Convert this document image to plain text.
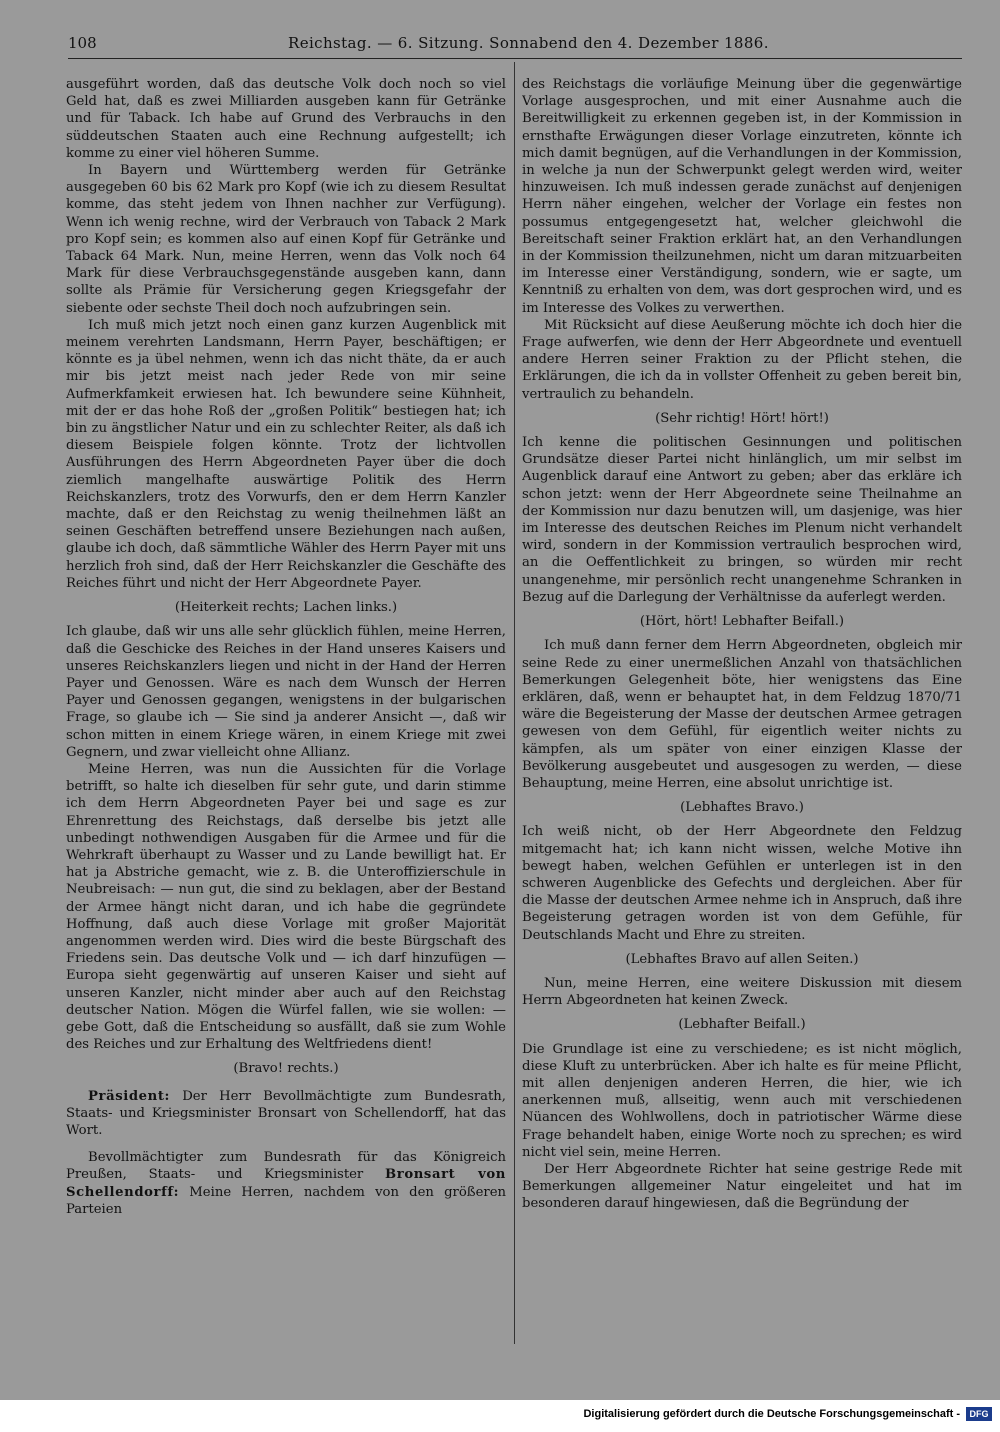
108	Reichstag. — 6. Sitzung. Sonnabend den 4. Dezember 1886.

ausgeführt worden, daß das deutsche Volk doch noch so viel Geld hat, daß es zwei Milliarden ausgeben kann für Getränke und für Taback. Ich habe auf Grund des Verbrauchs in den süddeutschen Staaten auch eine Rechnung aufgestellt; ich komme zu einer viel höheren Summe.

In Bayern und Württemberg werden für Getränke ausgegeben 60 bis 62 Mark pro Kopf (wie ich zu diesem Resultat komme, das steht jedem von Ihnen nachher zur Verfügung). Wenn ich wenig rechne, wird der Verbrauch von Taback 2 Mark pro Kopf sein; es kommen also auf einen Kopf für Getränke und Taback 64 Mark. Nun, meine Herren, wenn das Volk noch 64 Mark für diese Verbrauchsgegenstände ausgeben kann, dann sollte als Prämie für Versicherung gegen Kriegsgefahr der siebente oder sechste Theil doch noch aufzubringen sein.

Ich muß mich jetzt noch einen ganz kurzen Augenblick mit meinem verehrten Landsmann, Herrn Payer, beschäftigen; er könnte es ja übel nehmen, wenn ich das nicht thäte, da er auch mir bis jetzt meist nach jeder Rede von mir seine Aufmerkfamkeit erwiesen hat. Ich bewundere seine Kühnheit, mit der er das hohe Roß der „großen Politik“ bestiegen hat; ich bin zu ängstlicher Natur und ein zu schlechter Reiter, als daß ich diesem Beispiele folgen könnte. Trotz der lichtvollen Ausführungen des Herrn Abgeordneten Payer über die doch ziemlich mangelhafte auswärtige Politik des Herrn Reichskanzlers, trotz des Vorwurfs, den er dem Herrn Kanzler machte, daß er den Reichstag zu wenig theilnehmen läßt an seinen Geschäften betreffend unsere Beziehungen nach außen, glaube ich doch, daß sämmtliche Wähler des Herrn Payer mit uns herzlich froh sind, daß der Herr Reichskanzler die Geschäfte des Reiches führt und nicht der Herr Abgeordnete Payer.

(Heiterkeit rechts; Lachen links.)

Ich glaube, daß wir uns alle sehr glücklich fühlen, meine Herren, daß die Geschicke des Reiches in der Hand unseres Kaisers und unseres Reichskanzlers liegen und nicht in der Hand der Herren Payer und Genossen. Wäre es nach dem Wunsch der Herren Payer und Genossen gegangen, wenigstens in der bulgarischen Frage, so glaube ich — Sie sind ja anderer Ansicht —, daß wir schon mitten in einem Kriege wären, in einem Kriege mit zwei Gegnern, und zwar vielleicht ohne Allianz.

Meine Herren, was nun die Aussichten für die Vorlage betrifft, so halte ich dieselben für sehr gute, und darin stimme ich dem Herrn Abgeordneten Payer bei und sage es zur Ehrenrettung des Reichstags, daß derselbe bis jetzt alle unbedingt nothwendigen Ausgaben für die Armee und für die Wehrkraft überhaupt zu Wasser und zu Lande bewilligt hat. Er hat ja Abstriche gemacht, wie z. B. die Unteroffizierschule in Neubreisach: — nun gut, die sind zu beklagen, aber der Bestand der Armee hängt nicht daran, und ich habe die gegründete Hoffnung, daß auch diese Vorlage mit großer Majorität angenommen werden wird. Dies wird die beste Bürgschaft des Friedens sein. Das deutsche Volk und — ich darf hinzufügen — Europa sieht gegenwärtig auf unseren Kaiser und sieht auf unseren Kanzler, nicht minder aber auch auf den Reichstag deutscher Nation. Mögen die Würfel fallen, wie sie wollen: — gebe Gott, daß die Entscheidung so ausfällt, daß sie zum Wohle des Reiches und zur Erhaltung des Weltfriedens dient!

(Bravo! rechts.)

Präsident: Der Herr Bevollmächtigte zum Bundesrath, Staats- und Kriegsminister Bronsart von Schellendorff, hat das Wort.

Bevollmächtigter zum Bundesrath für das Königreich Preußen, Staats- und Kriegsminister Bronsart von Schellendorff: Meine Herren, nachdem von den größeren Parteien

des Reichstags die vorläufige Meinung über die gegenwärtige Vorlage ausgesprochen, und mit einer Ausnahme auch die Bereitwilligkeit zu erkennen gegeben ist, in der Kommission in ernsthafte Erwägungen dieser Vorlage einzutreten, könnte ich mich damit begnügen, auf die Verhandlungen in der Kommission, in welche ja nun der Schwerpunkt gelegt werden wird, weiter hinzuweisen. Ich muß indessen gerade zunächst auf denjenigen Herrn näher eingehen, welcher der Vorlage ein festes non possumus entgegengesetzt hat, welcher gleichwohl die Bereitschaft seiner Fraktion erklärt hat, an den Verhandlungen in der Kommission theilzunehmen, nicht um daran mitzuarbeiten im Interesse einer Verständigung, sondern, wie er sagte, um Kenntniß zu erhalten von dem, was dort gesprochen wird, und es im Interesse des Volkes zu verwerthen.

Mit Rücksicht auf diese Aeußerung möchte ich doch hier die Frage aufwerfen, wie denn der Herr Abgeordnete und eventuell andere Herren seiner Fraktion zu der Pflicht stehen, die Erklärungen, die ich da in vollster Offenheit zu geben bereit bin, vertraulich zu behandeln.

(Sehr richtig! Hört! hört!)

Ich kenne die politischen Gesinnungen und politischen Grundsätze dieser Partei nicht hinlänglich, um mir selbst im Augenblick darauf eine Antwort zu geben; aber das erkläre ich schon jetzt: wenn der Herr Abgeordnete seine Theilnahme an der Kommission nur dazu benutzen will, um dasjenige, was hier im Interesse des deutschen Reiches im Plenum nicht verhandelt wird, sondern in der Kommission vertraulich besprochen wird, an die Oeffentlichkeit zu bringen, so würden mir recht unangenehme, mir persönlich recht unangenehme Schranken in Bezug auf die Darlegung der Verhältnisse da auferlegt werden.

(Hört, hört! Lebhafter Beifall.)

Ich muß dann ferner dem Herrn Abgeordneten, obgleich mir seine Rede zu einer unermeßlichen Anzahl von thatsächlichen Bemerkungen Gelegenheit böte, hier wenigstens das Eine erklären, daß, wenn er behauptet hat, in dem Feldzug 1870/71 wäre die Begeisterung der Masse der deutschen Armee getragen gewesen von dem Gefühl, für eigentlich weiter nichts zu kämpfen, als um später von einer einzigen Klasse der Bevölkerung ausgebeutet und ausgesogen zu werden, — diese Behauptung, meine Herren, eine absolut unrichtige ist.

(Lebhaftes Bravo.)

Ich weiß nicht, ob der Herr Abgeordnete den Feldzug mitgemacht hat; ich kann nicht wissen, welche Motive ihn bewegt haben, welchen Gefühlen er unterlegen ist in den schweren Augenblicke des Gefechts und dergleichen. Aber für die Masse der deutschen Armee nehme ich in Anspruch, daß ihre Begeisterung getragen worden ist von dem Gefühle, für Deutschlands Macht und Ehre zu streiten.

(Lebhaftes Bravo auf allen Seiten.)

Nun, meine Herren, eine weitere Diskussion mit diesem Herrn Abgeordneten hat keinen Zweck.

(Lebhafter Beifall.)

Die Grundlage ist eine zu verschiedene; es ist nicht möglich, diese Kluft zu unterbrücken. Aber ich halte es für meine Pflicht, mit allen denjenigen anderen Herren, die hier, wie ich anerkennen muß, allseitig, wenn auch mit verschiedenen Nüancen des Wohlwollens, doch in patriotischer Wärme diese Frage behandelt haben, einige Worte noch zu sprechen; es wird nicht viel sein, meine Herren.

Der Herr Abgeordnete Richter hat seine gestrige Rede mit Bemerkungen allgemeiner Natur eingeleitet und hat im besonderen darauf hingewiesen, daß die Begründung der

Digitalisierung gefördert durch die Deutsche Forschungsgemeinschaft -	DFG
